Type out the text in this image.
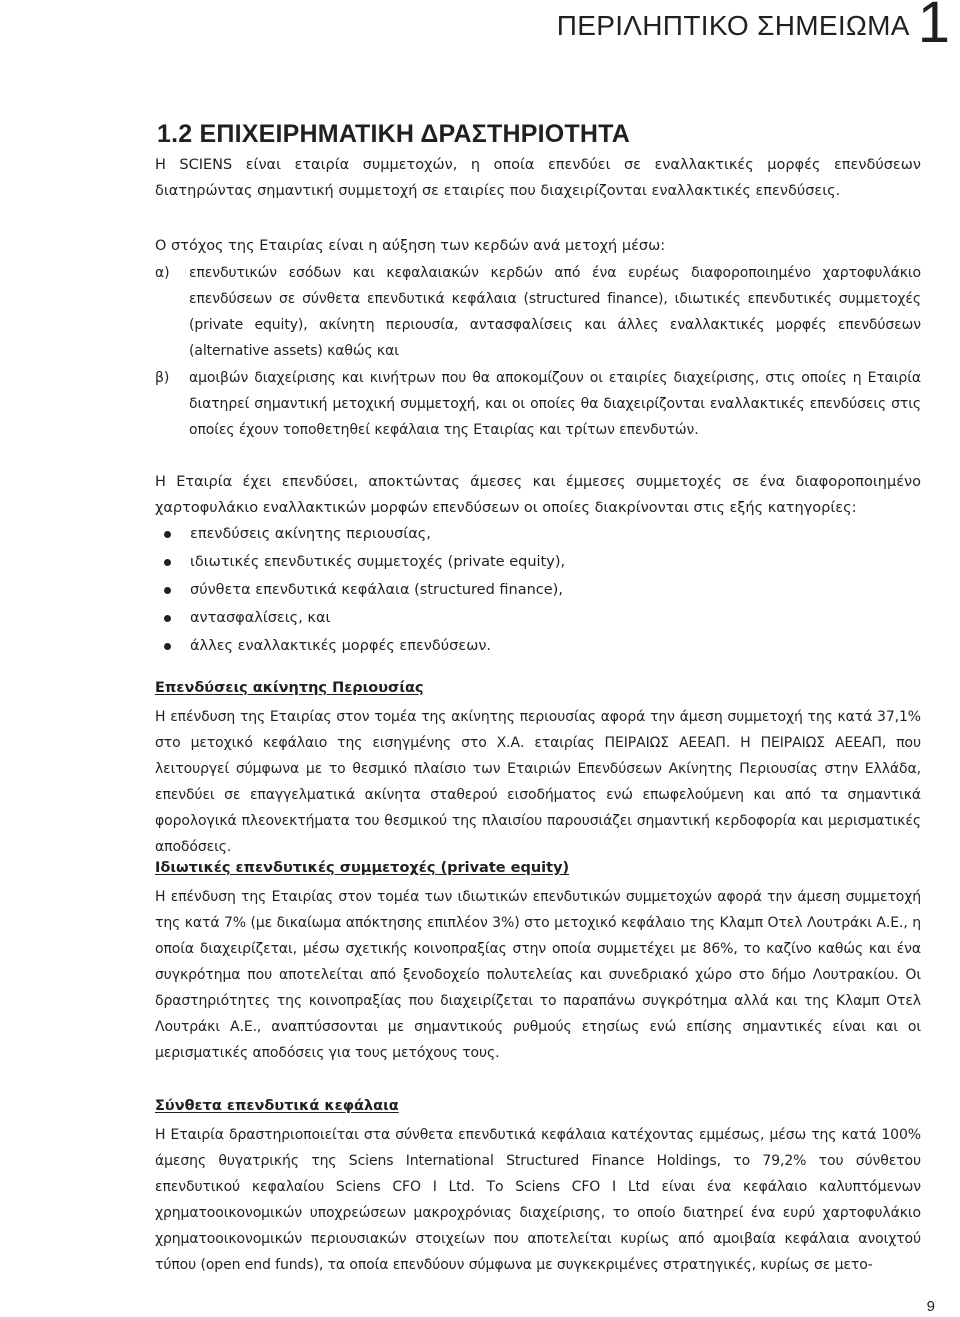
ΠΕΡΙΛΗΠΤΙΚΟ ΣΗΜΕΙΩΜΑ 1
1.2 ΕΠΙΧΕΙΡΗΜΑΤΙΚΗ ΔΡΑΣΤΗΡΙΟΤΗΤΑ

Η SCIENS είναι εταιρία συμμετοχών, η οποία επενδύει σε εναλλακτικές μορφές επενδύσεων διατηρώντας σημαντική συμμετοχή σε εταιρίες που διαχειρίζονται εναλλακτικές επενδύσεις.

Ο στόχος της Εταιρίας είναι η αύξηση των κερδών ανά μετοχή μέσω:

α) επενδυτικών εσόδων και κεφαλαιακών κερδών από ένα ευρέως διαφοροποιημένο χαρτοφυλάκιο επενδύσεων σε σύνθετα επενδυτικά κεφάλαια (structured finance), ιδιωτικές επενδυτικές συμμετοχές (private equity), ακίνητη περιουσία, αντασφαλίσεις και άλλες εναλλακτικές μορφές επενδύσεων (alternative assets) καθώς και
β) αμοιβών διαχείρισης και κινήτρων που θα αποκομίζουν οι εταιρίες διαχείρισης, στις οποίες η Εταιρία διατηρεί σημαντική μετοχική συμμετοχή, και οι οποίες θα διαχειρίζονται εναλλακτικές επενδύσεις στις οποίες έχουν τοποθετηθεί κεφάλαια της Εταιρίας και τρίτων επενδυτών.

Η Εταιρία έχει επενδύσει, αποκτώντας άμεσες και έμμεσες συμμετοχές σε ένα διαφοροποιημένο χαρτοφυλάκιο εναλλακτικών μορφών επενδύσεων οι οποίες διακρίνονται στις εξής κατηγορίες:

επενδύσεις ακίνητης περιουσίας,
ιδιωτικές επενδυτικές συμμετοχές (private equity),
σύνθετα επενδυτικά κεφάλαια (structured finance),
αντασφαλίσεις, και
άλλες εναλλακτικές μορφές επενδύσεων.

Επενδύσεις ακίνητης Περιουσίας

Η επένδυση της Εταιρίας στον τομέα της ακίνητης περιουσίας αφορά την άμεση συμμετοχή της κατά 37,1% στο μετοχικό κεφάλαιο της εισηγμένης στο Χ.Α. εταιρίας ΠΕΙΡΑΙΩΣ ΑΕΕΑΠ. Η ΠΕΙΡΑΙΩΣ ΑΕΕΑΠ, που λειτουργεί σύμφωνα με το θεσμικό πλαίσιο των Εταιριών Επενδύσεων Ακίνητης Περιουσίας στην Ελλάδα, επενδύει σε επαγγελματικά ακίνητα σταθερού εισοδήματος ενώ επωφελούμενη και από τα σημαντικά φορολογικά πλεονεκτήματα του θεσμικού της πλαισίου παρουσιάζει σημαντική κερδοφορία και μερισματικές αποδόσεις.

Ιδιωτικές επενδυτικές συμμετοχές (private equity)

Η επένδυση της Εταιρίας στον τομέα των ιδιωτικών επενδυτικών συμμετοχών αφορά την άμεση συμμετοχή της κατά 7% (με δικαίωμα απόκτησης επιπλέον 3%) στο μετοχικό κεφάλαιο της Κλαμπ Οτελ Λουτράκι Α.Ε., η οποία διαχειρίζεται, μέσω σχετικής κοινοπραξίας στην οποία συμμετέχει με 86%, το καζίνο καθώς και ένα συγκρότημα που αποτελείται από ξενοδοχείο πολυτελείας και συνεδριακό χώρο στο δήμο Λουτρακίου. Οι δραστηριότητες της κοινοπραξίας που διαχειρίζεται το παραπάνω συγκρότημα αλλά και της Κλαμπ Οτελ Λουτράκι Α.Ε., αναπτύσσονται με σημαντικούς ρυθμούς ετησίως ενώ επίσης σημαντικές είναι και οι μερισματικές αποδόσεις για τους μετόχους τους.

Σύνθετα επενδυτικά κεφάλαια

Η Εταιρία δραστηριοποιείται στα σύνθετα επενδυτικά κεφάλαια κατέχοντας εμμέσως, μέσω της κατά 100% άμεσης θυγατρικής της Sciens International Structured Finance Holdings, το 79,2% του σύνθετου επενδυτικού κεφαλαίου Sciens CFO I Ltd. Το Sciens CFO I Ltd είναι ένα κεφάλαιο καλυπτόμενων χρηματοοικονομικών υποχρεώσεων μακροχρόνιας διαχείρισης, το οποίο διατηρεί ένα ευρύ χαρτοφυλάκιο χρηματοοικονομικών περιουσιακών στοιχείων που αποτελείται κυρίως από αμοιβαία κεφάλαια ανοιχτού τύπου (open end funds), τα οποία επενδύουν σύμφωνα με συγκεκριμένες στρατηγικές, κυρίως σε μετο-

9
